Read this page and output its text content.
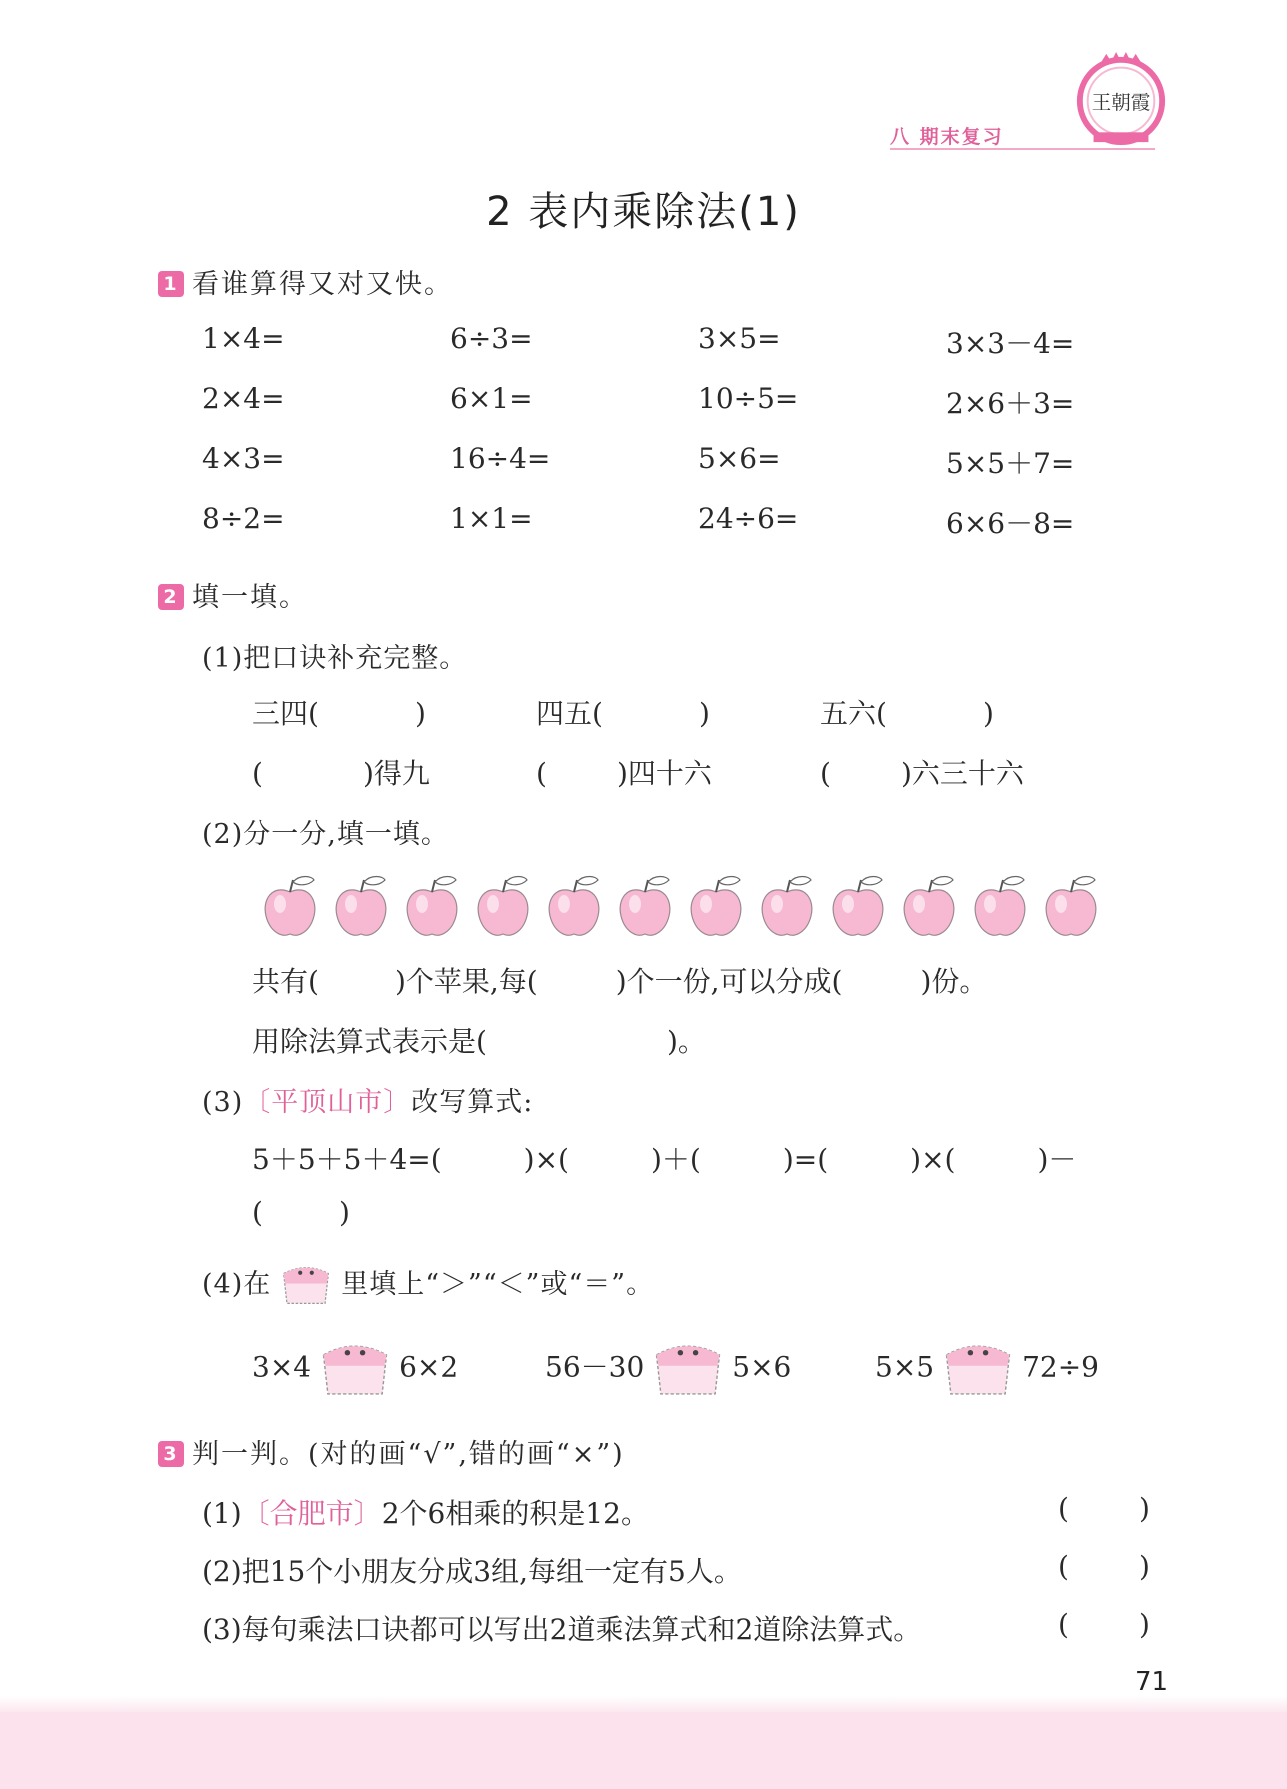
八 期末复习
王朝霞
2 表内乘除法(1)
1 看谁算得又对又快。
1×4=	6÷3=	3×5=	3×3－4=
2×4=	6×1=	10÷5=	2×6＋3=
4×3=	16÷4=	5×6=	5×5＋7=
8÷2=	1×1=	24÷6=	6×6－8=
2 填一填。
(1)把口诀补充完整。
三四(	)	四五(	)	五六(	)
(	)得九	(	)四十六	(	)六三十六
(2)分一分,填一填。
共有(	)个苹果,每(	)个一份,可以分成(	)份。
用除法算式表示是(	)。
(3)〔平顶山市〕改写算式:
5＋5＋5＋4=(	)×(	)＋(	)=(	)×(	)－
(	)
(4)在	里填上“＞”“＜”或“＝”。
3×4	6×2	56－30	5×6	5×5	72÷9
3 判一判。(对的画“√”,错的画“×”)
(1)〔合肥市〕2个6相乘的积是12。	(	)
(2)把15个小朋友分成3组,每组一定有5人。	(	)
(3)每句乘法口诀都可以写出2道乘法算式和2道除法算式。	(	)
71
